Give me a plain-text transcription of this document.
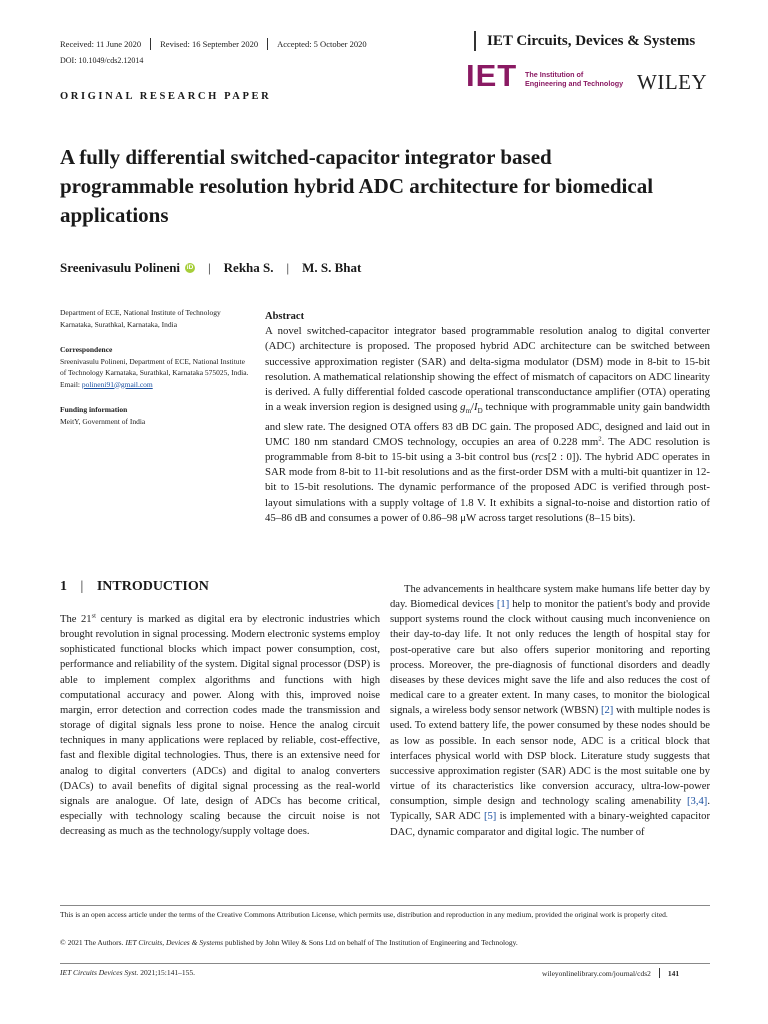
Received: 11 June 2020 Revised: 16 September 2020 Accepted: 5 October 2020	IET Circuits, Devices & Systems
DOI: 10.1049/cds2.12014	IET The Institution of
Engineering and Technology WILEY
ORIGINAL RESEARCH PAPER
A fully differential switched-capacitor integrator based programmable resolution hybrid ADC architecture for biomedical applications
Sreenivasulu Polineni iD | Rekha S. | M. S. Bhat
Department of ECE, National Institute of Technology Karnataka, Surathkal, Karnataka, India
Correspondence
Sreenivasulu Polineni, Department of ECE, National Institute of Technology Karnataka, Surathkal, Karnataka 575025, India.
Email: polineni91@gmail.com
Funding information
MeitY, Government of India
Abstract
A novel switched-capacitor integrator based programmable resolution analog to digital converter (ADC) architecture is proposed. The proposed hybrid ADC architecture can be switched between successive approximation register (SAR) and delta-sigma modulator (DSM) mode in 8-bit to 15-bit resolution. A mathematical relationship showing the effect of mismatch of capacitors on ADC linearity is derived. A fully differential folded cascode operational transconductance amplifier (OTA) operating in a weak inversion region is designed using $g_m/I_D$ technique with programmable unity gain bandwidth and slew rate. The designed OTA offers 83 dB DC gain. The proposed ADC, designed and laid out in UMC 180 nm standard CMOS technology, occupies an area of 0.228 $mm^2$. The ADC resolution is programmable from 8-bit to 15-bit using a 3-bit control bus (rcs[2 : 0]). The hybrid ADC operates in SAR mode from 8-bit to 11-bit resolutions and as the first-order DSM with a multi-bit quantizer in 12-bit to 15-bit resolutions. The dynamic performance of the proposed ADC is verified through post-layout simulations with a supply voltage of 1.8 V. It exhibits a signal-to-noise and distortion ratio of 45–86 dB and consumes a power of 0.86–98 μW across target resolutions (8–15 bits).
1 | INTRODUCTION
The 21st century is marked as digital era by electronic industries which brought revolution in signal processing. Modern electronic systems employ sophisticated functional blocks which impact power consumption, cost, performance and reliability of the system. Digital signal processor (DSP) is able to implement complex algorithms and functions with high computational accuracy and power. Along with this, improved noise margin, error detection and correction codes made the transmission and storage of digital signals less prone to noise. Hence the analog circuit techniques in many applications were replaced by reliable, cost-effective, fast and flexible digital technologies. Thus, there is an extensive need for analog to digital converters (ADCs) and digital to analog converters (DACs) to avail benefits of digital signal processing as the real-world signals are analogue. Of late, design of ADCs has become critical, especially with technology scaling because the circuit noise is not decreasing as much as the technology/supply voltage does.
The advancements in healthcare system make humans life better day by day. Biomedical devices [1] help to monitor the patient's body and provide support systems round the clock without causing much inconvenience on their day-to-day life. It not only reduces the length of hospital stay for post-operative care but also offers superior monitoring and reporting process. Moreover, the pre-diagnosis of functional disorders and deadly diseases by these devices might save the life and also reduces the cost of medical care to a greater extent. In many cases, to monitor the biological signals, a wireless body sensor network (WBSN) [2] with multiple nodes is used. To extend battery life, the power consumed by these nodes should be as low as possible. In each sensor node, ADC is a critical block that interfaces physical world with DSP block. Literature study suggests that successive approximation register (SAR) ADC is the most suitable one by virtue of its characteristics like conversion accuracy, ultra-low-power consumption, simple design and technology scaling amenability [3,4]. Typically, SAR ADC [5] is implemented with a binary-weighted capacitor DAC, dynamic comparator and digital logic. The number of
This is an open access article under the terms of the Creative Commons Attribution License, which permits use, distribution and reproduction in any medium, provided the original work is properly cited.
© 2021 The Authors. IET Circuits, Devices & Systems published by John Wiley & Sons Ltd on behalf of The Institution of Engineering and Technology.
IET Circuits Devices Syst. 2021;15:141–155.	wileyonlinelibrary.com/journal/cds2 141
